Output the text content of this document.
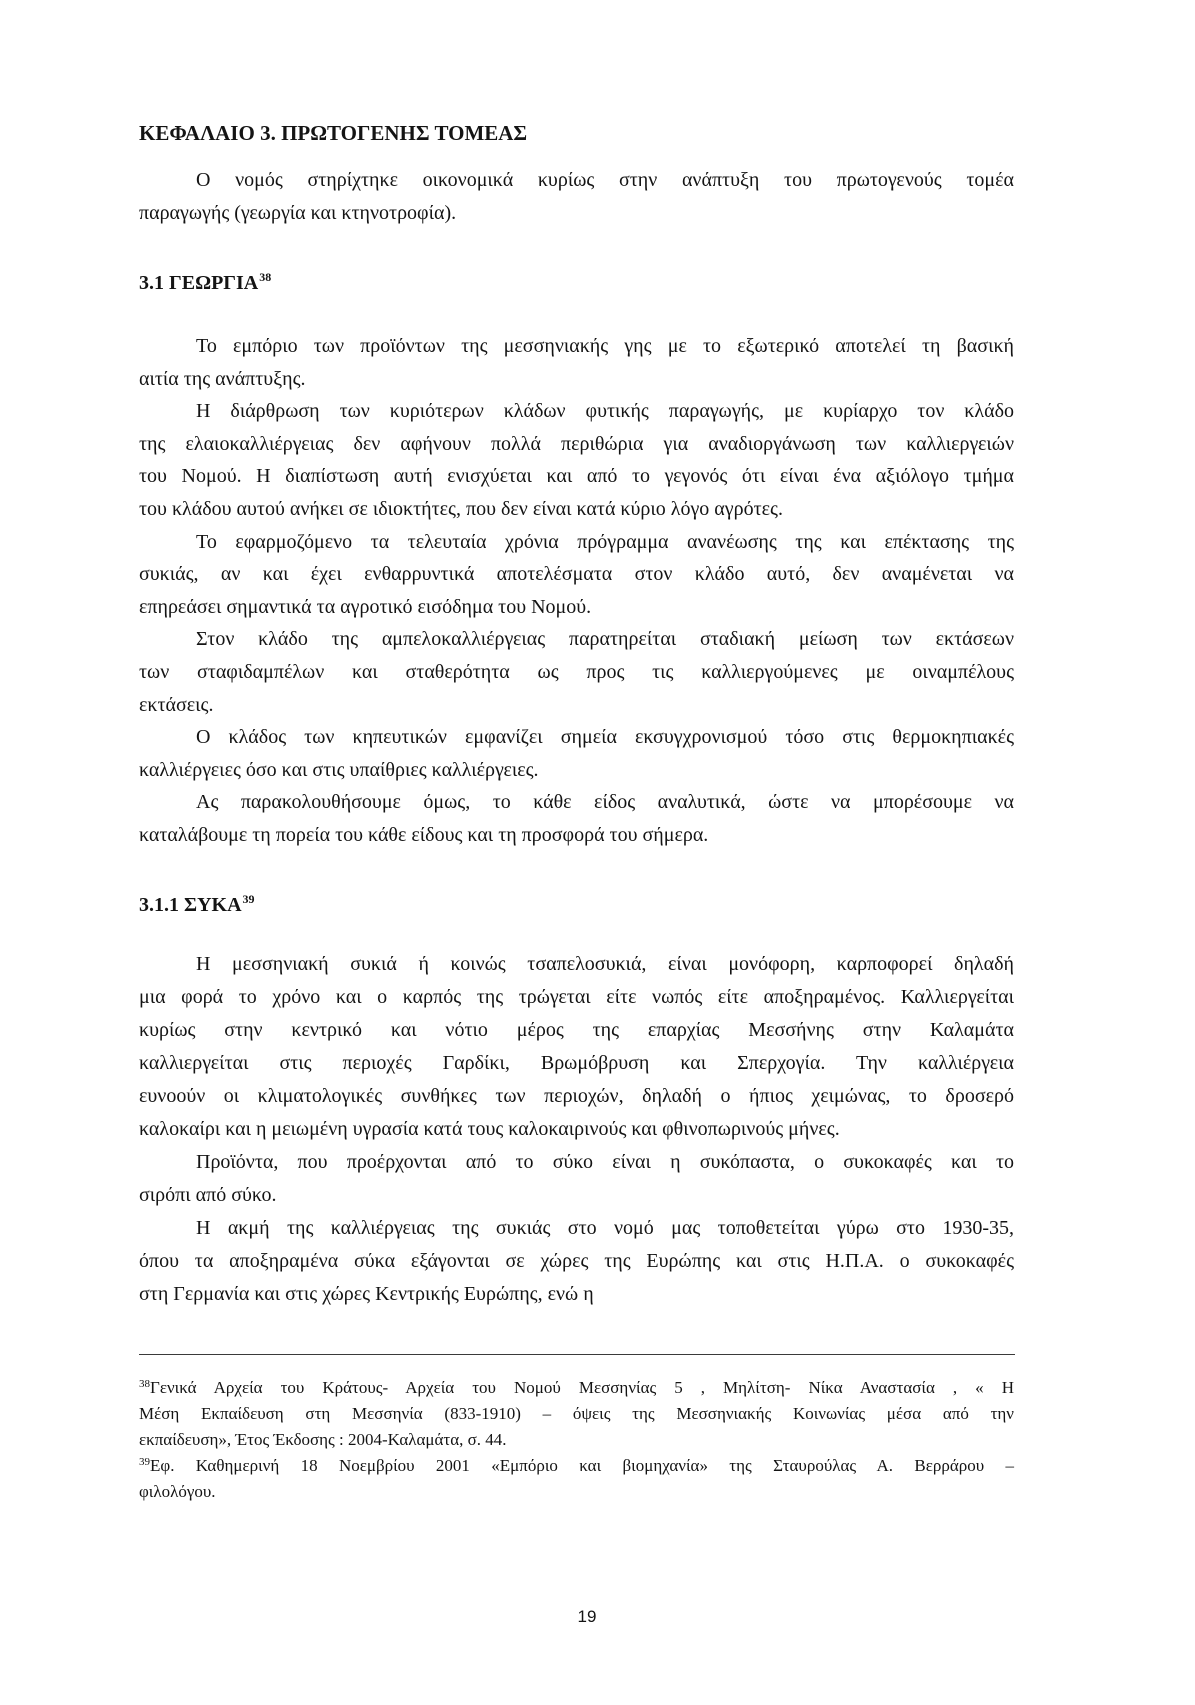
ΚΕΦΑΛΑΙΟ 3. ΠΡΩΤΟΓΕΝΗΣ ΤΟΜΕΑΣ
Ο νομός στηρίχτηκε οικονομικά κυρίως στην ανάπτυξη του πρωτογενούς τομέα
παραγωγής (γεωργία και κτηνοτροφία).
3.1 ΓΕΩΡΓΙΑ$^{38}$
Το εμπόριο των προϊόντων της μεσσηνιακής γης με το εξωτερικό αποτελεί τη βασική
αιτία της ανάπτυξης.
Η διάρθρωση των κυριότερων κλάδων φυτικής παραγωγής, με κυρίαρχο τον κλάδο
της ελαιοκαλλιέργειας δεν αφήνουν πολλά περιθώρια για αναδιοργάνωση των καλλιεργειών
του Νομού. Η διαπίστωση αυτή ενισχύεται και από το γεγονός ότι είναι ένα αξιόλογο τμήμα
του κλάδου αυτού ανήκει σε ιδιοκτήτες, που δεν είναι κατά κύριο λόγο αγρότες.
Το εφαρμοζόμενο τα τελευταία χρόνια πρόγραμμα ανανέωσης της και επέκτασης της
συκιάς, αν και έχει ενθαρρυντικά αποτελέσματα στον κλάδο αυτό, δεν αναμένεται να
επηρεάσει σημαντικά τα αγροτικό εισόδημα του Νομού.
Στον κλάδο της αμπελοκαλλιέργειας παρατηρείται σταδιακή μείωση των εκτάσεων
των σταφιδαμπέλων και σταθερότητα ως προς τις καλλιεργούμενες με οιναμπέλους
εκτάσεις.
Ο κλάδος των κηπευτικών εμφανίζει σημεία εκσυγχρονισμού τόσο στις θερμοκηπιακές
καλλιέργειες όσο και στις υπαίθριες καλλιέργειες.
Ας παρακολουθήσουμε όμως, το κάθε είδος αναλυτικά, ώστε να μπορέσουμε να
καταλάβουμε τη πορεία του κάθε είδους και τη προσφορά του σήμερα.
3.1.1 ΣΥΚΑ$^{39}$
Η μεσσηνιακή συκιά ή κοινώς τσαπελοσυκιά, είναι μονόφορη, καρποφορεί δηλαδή
μια φορά το χρόνο και ο καρπός της τρώγεται είτε νωπός είτε αποξηραμένος. Καλλιεργείται
κυρίως στην κεντρικό και νότιο μέρος της επαρχίας Μεσσήνης στην Καλαμάτα
καλλιεργείται στις περιοχές Γαρδίκι, Βρωμόβρυση και Σπερχογία. Την καλλιέργεια
ευνοούν οι κλιματολογικές συνθήκες των περιοχών, δηλαδή ο ήπιος χειμώνας, το δροσερό
καλοκαίρι και η μειωμένη υγρασία κατά τους καλοκαιρινούς και φθινοπωρινούς μήνες.
Προϊόντα, που προέρχονται από το σύκο είναι η συκόπαστα, ο συκοκαφές και το
σιρόπι από σύκο.
Η ακμή της καλλιέργειας της συκιάς στο νομό μας τοποθετείται γύρω στο 1930-35,
όπου τα αποξηραμένα σύκα εξάγονται σε χώρες της Ευρώπης και στις Η.Π.Α. ο συκοκαφές
στη Γερμανία και στις χώρες Κεντρικής Ευρώπης, ενώ η
$^{38}$Γενικά Αρχεία του Κράτους- Αρχεία του Νομού Μεσσηνίας 5 , Μηλίτση- Νίκα Αναστασία , « Η
Μέση Εκπαίδευση στη Μεσσηνία (833-1910) – όψεις της Μεσσηνιακής Κοινωνίας μέσα από την
εκπαίδευση», Έτος Έκδοσης : 2004-Καλαμάτα, σ. 44.
$^{39}$Εφ. Καθημερινή 18 Νοεμβρίου 2001 «Εμπόριο και βιομηχανία» της Σταυρούλας Α. Βερράρου –
φιλολόγου.
19
